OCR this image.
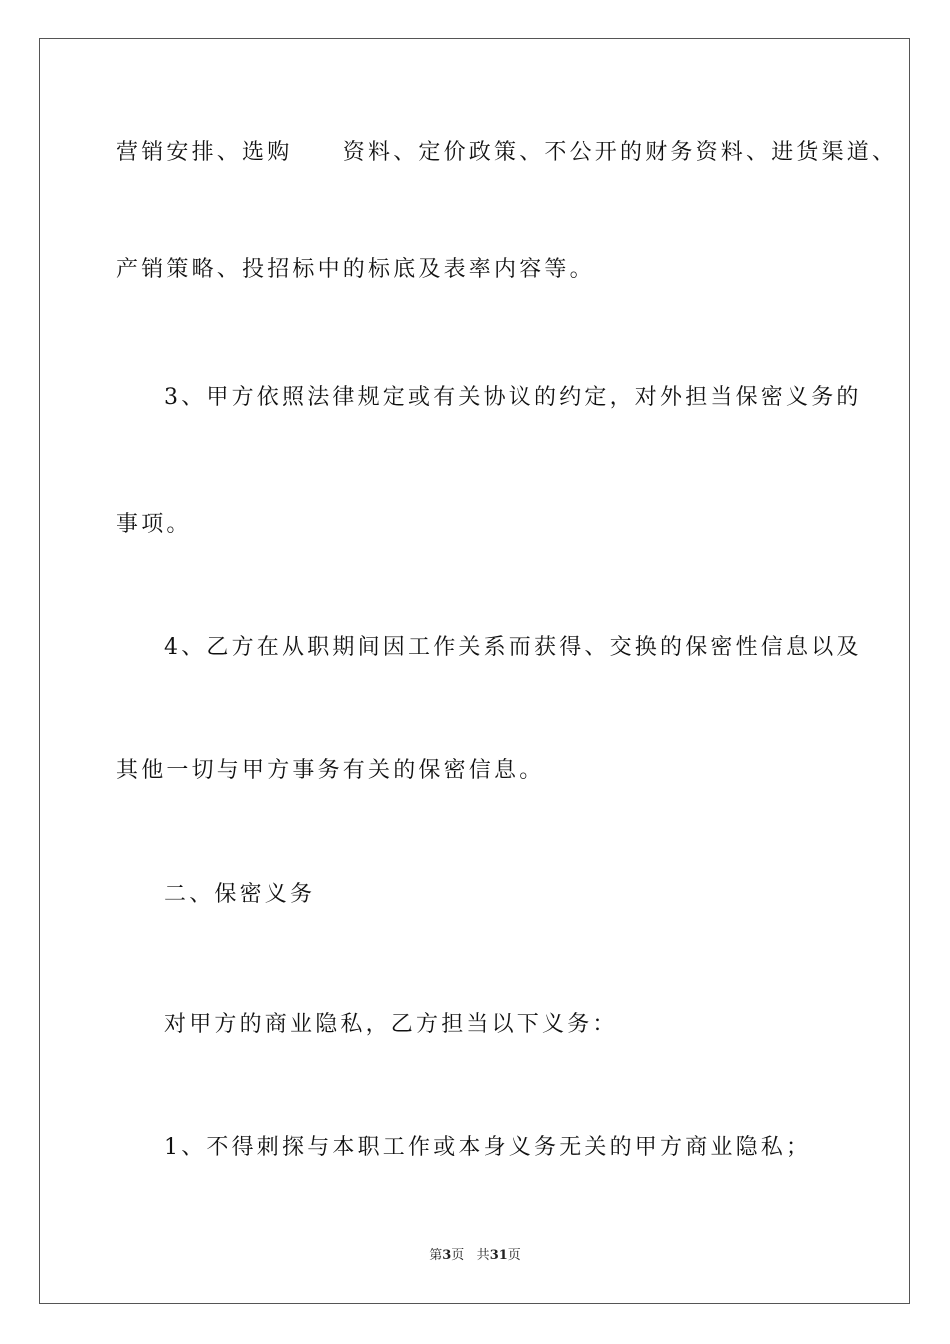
营销安排、选购　　资料、定价政策、不公开的财务资料、进货渠道、
产销策略、投招标中的标底及表率内容等。
3、甲方依照法律规定或有关协议的约定，对外担当保密义务的
事项。
4、乙方在从职期间因工作关系而获得、交换的保密性信息以及
其他一切与甲方事务有关的保密信息。
二、保密义务
对甲方的商业隐私，乙方担当以下义务：
1、不得刺探与本职工作或本身义务无关的甲方商业隐私；
第3页 共31页
